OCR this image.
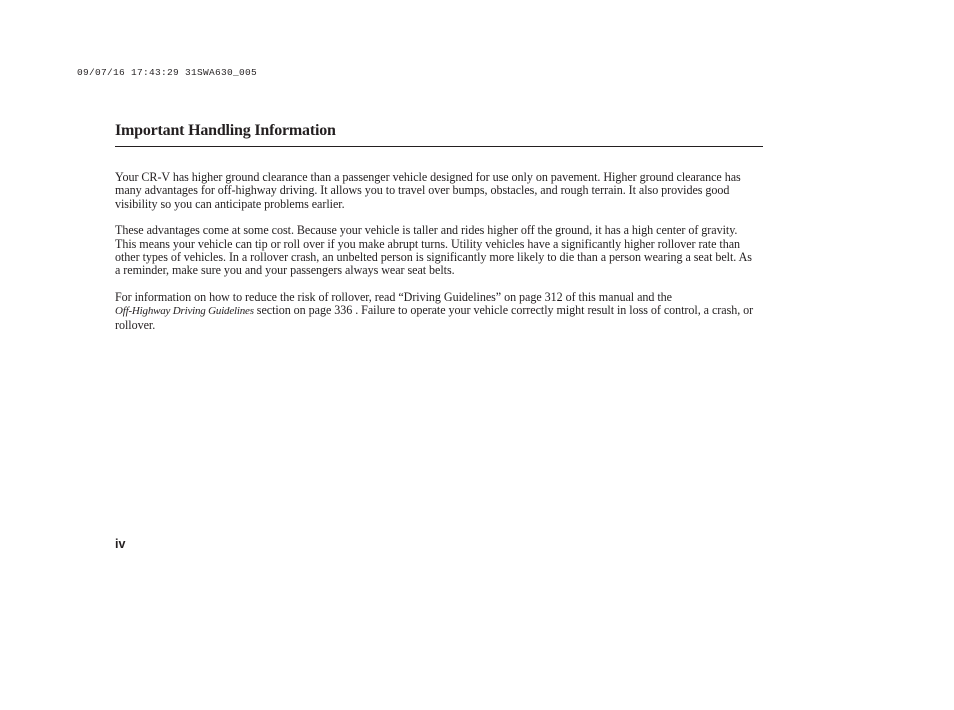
09/07/16 17:43:29 31SWA630_005
Important Handling Information

Your CR-V has higher ground clearance than a passenger vehicle designed for use only on pavement. Higher ground clearance has many advantages for off-highway driving. It allows you to travel over bumps, obstacles, and rough terrain. It also provides good visibility so you can anticipate problems earlier.

These advantages come at some cost. Because your vehicle is taller and rides higher off the ground, it has a high center of gravity. This means your vehicle can tip or roll over if you make abrupt turns. Utility vehicles have a significantly higher rollover rate than other types of vehicles. In a rollover crash, an unbelted person is significantly more likely to die than a person wearing a seat belt. As a reminder, make sure you and your passengers always wear seat belts.

For information on how to reduce the risk of rollover, read “Driving Guidelines” on page 312 of this manual and the
Off-Highway Driving Guidelines section on page 336 . Failure to operate your vehicle correctly might result in loss of control, a crash, or rollover.

iv
